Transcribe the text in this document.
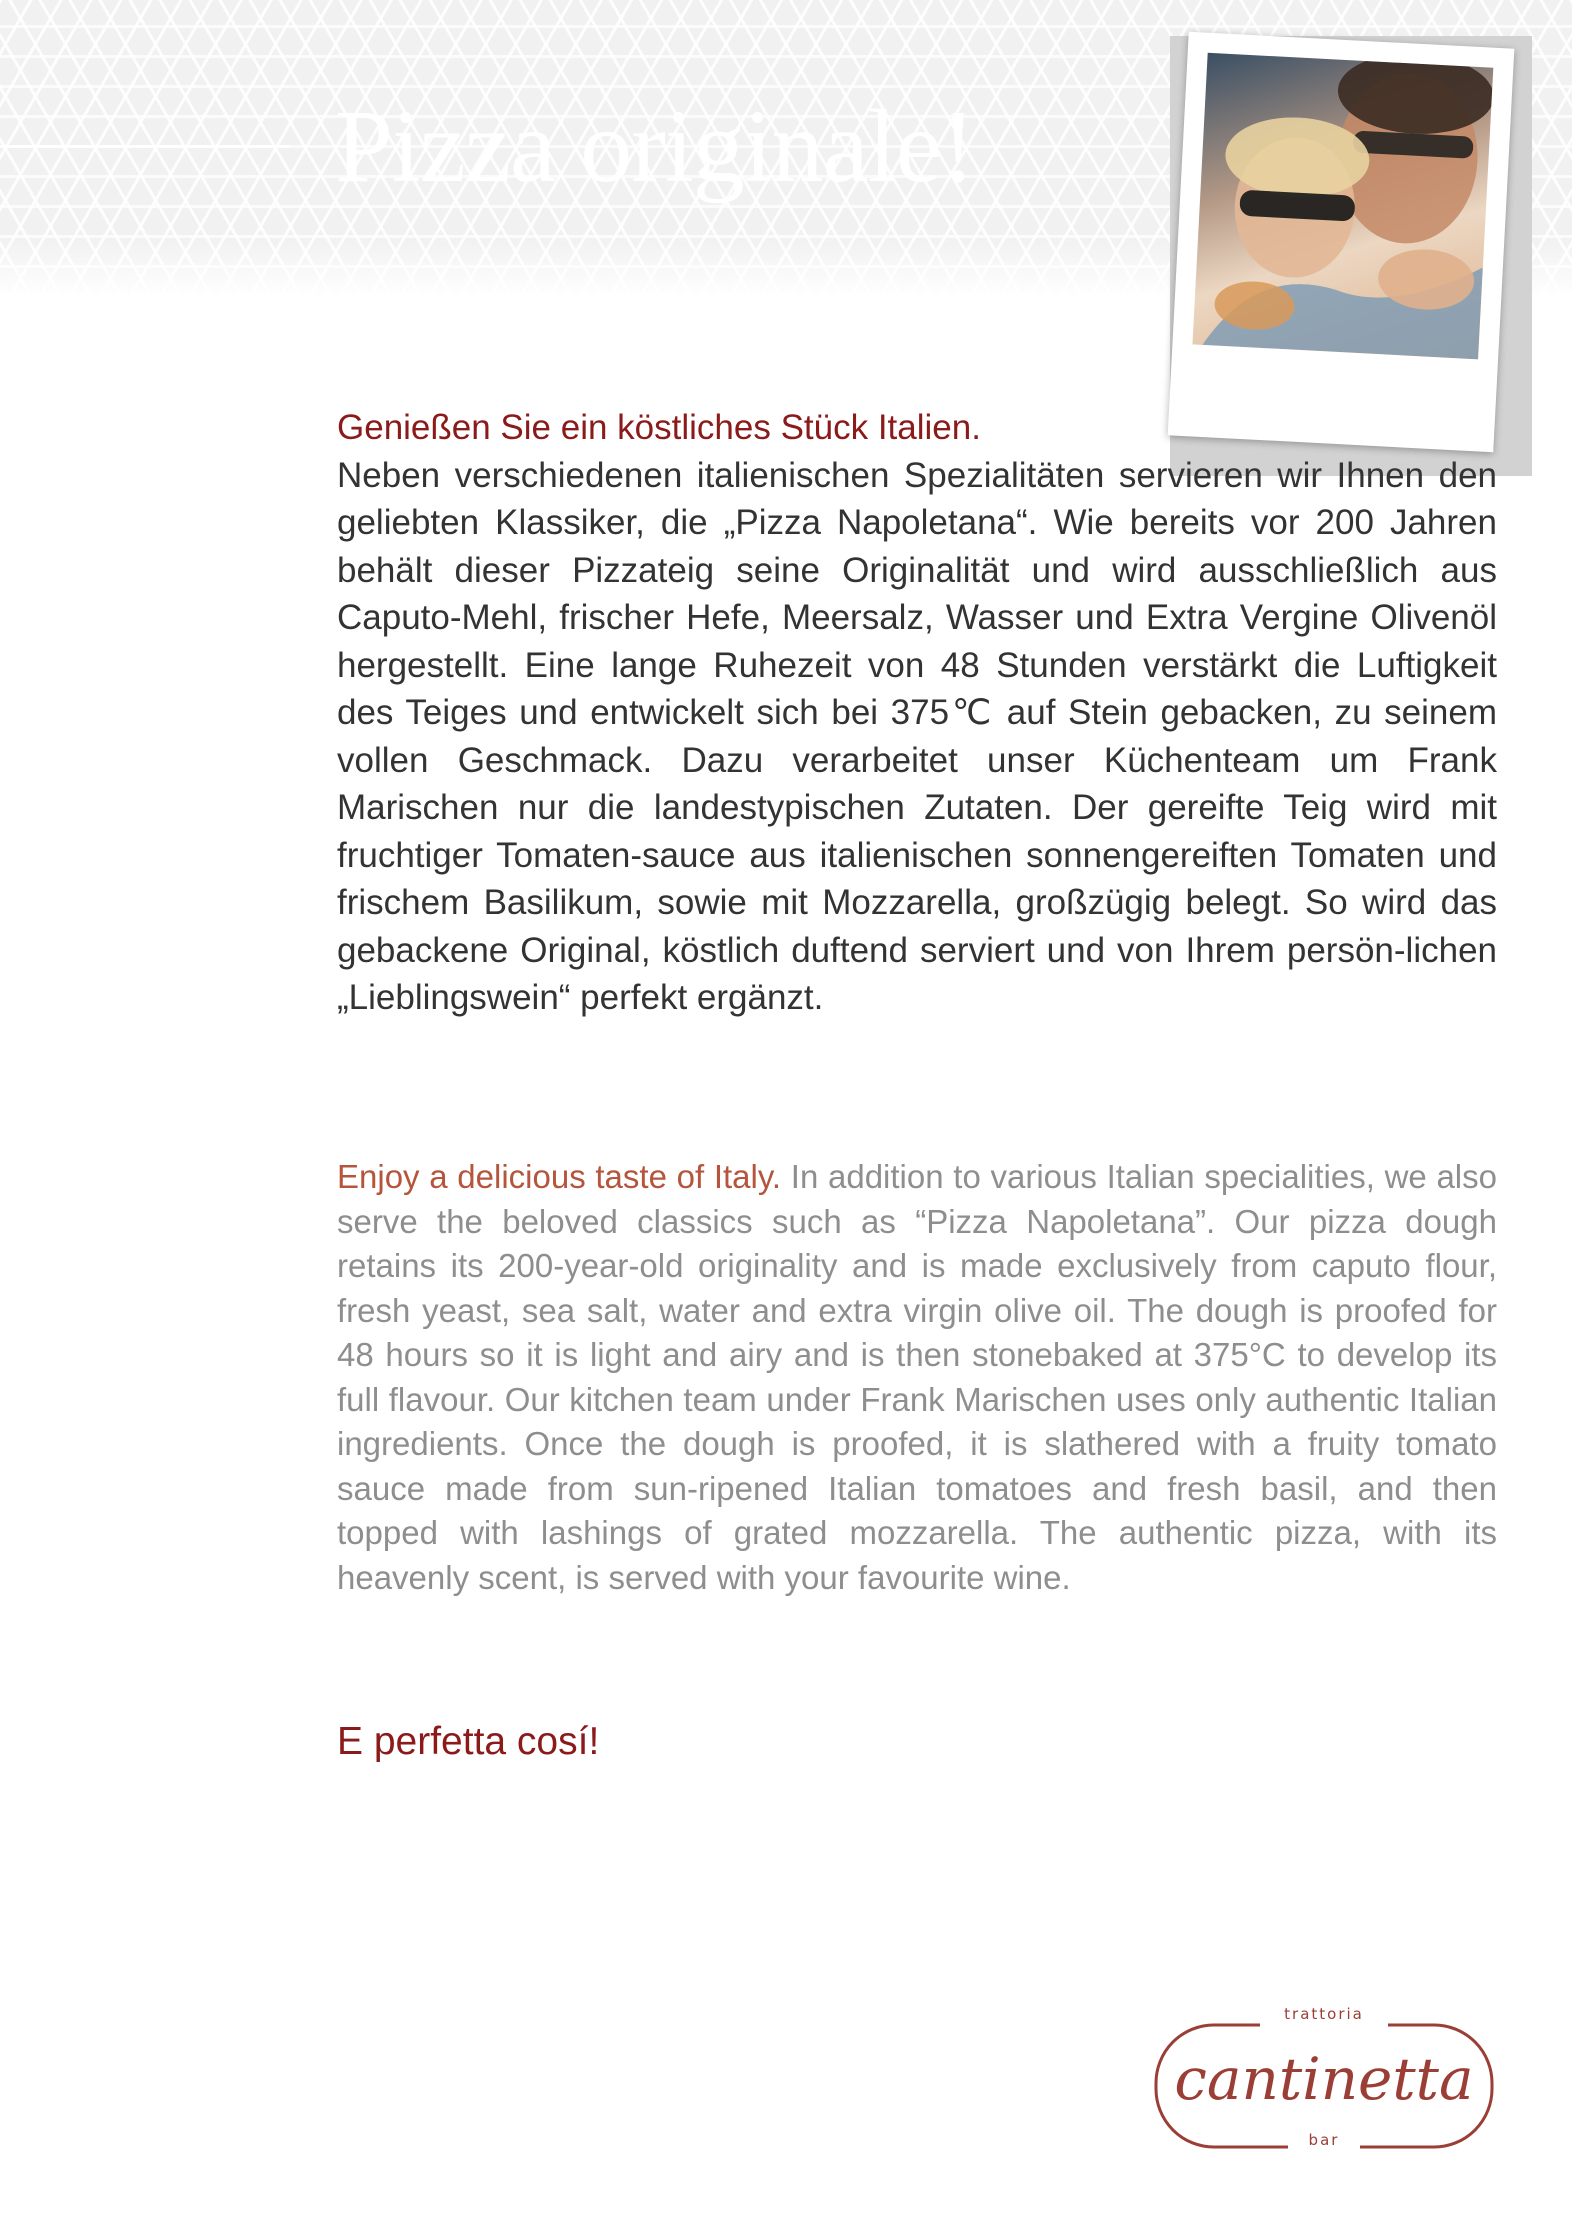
Pizza originale!
Genießen Sie ein köstliches Stück Italien.
Neben verschiedenen italienischen Spezialitäten servieren wir Ihnen den geliebten Klassiker, die „Pizza Napoletana“. Wie bereits vor 200 Jahren behält dieser Pizzateig seine Originalität und wird ausschließlich aus Caputo-Mehl, frischer Hefe, Meersalz, Wasser und Extra Vergine Olivenöl hergestellt. Eine lange Ruhezeit von 48 Stunden verstärkt die Luftigkeit des Teiges und entwickelt sich bei 375℃ auf Stein gebacken, zu seinem vollen Geschmack. Dazu verarbeitet unser Küchenteam um Frank Marischen nur die landestypischen Zutaten. Der gereifte Teig wird mit fruchtiger Tomaten-sauce aus italienischen sonnengereiften Tomaten und frischem Basilikum, sowie mit Mozzarella, großzügig belegt. So wird das gebackene Original, köstlich duftend serviert und von Ihrem persön-lichen „Lieblingswein“ perfekt ergänzt.
Enjoy a delicious taste of Italy. In addition to various Italian specialities, we also serve the beloved classics such as “Pizza Napoletana”. Our pizza dough retains its 200-year-old originality and is made exclusively from caputo flour, fresh yeast, sea salt, water and extra virgin olive oil. The dough is proofed for 48 hours so it is light and airy and is then stonebaked at 375°C to develop its full flavour. Our kitchen team under Frank Marischen uses only authentic Italian ingredients. Once the dough is proofed, it is slathered with a fruity tomato sauce made from sun-ripened Italian tomatoes and fresh basil, and then topped with lashings of grated mozzarella. The authentic pizza, with its heavenly scent, is served with your favourite wine.

E perfetta cosí!

trattoria
cantinetta
bar
